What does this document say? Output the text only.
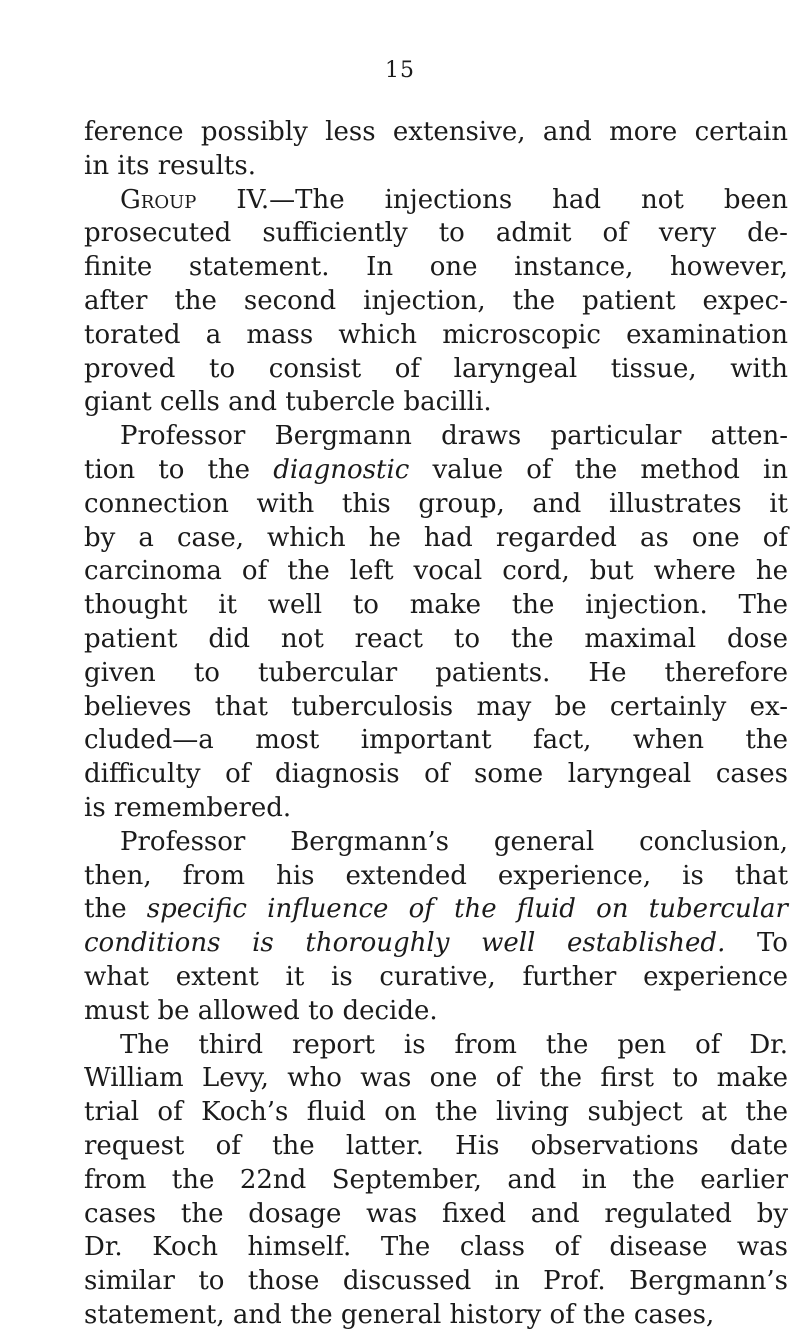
15
ference possibly less extensive, and more certain
in its results.
Group IV.—The injections had not been
prosecuted sufficiently to admit of very de-
finite statement. In one instance, however,
after the second injection, the patient expec-
torated a mass which microscopic examination
proved to consist of laryngeal tissue, with
giant cells and tubercle bacilli.
Professor Bergmann draws particular atten-
tion to the diagnostic value of the method in
connection with this group, and illustrates it
by a case, which he had regarded as one of
carcinoma of the left vocal cord, but where he
thought it well to make the injection. The
patient did not react to the maximal dose
given to tubercular patients. He therefore
believes that tuberculosis may be certainly ex-
cluded—a most important fact, when the
difficulty of diagnosis of some laryngeal cases
is remembered.
Professor Bergmann’s general conclusion,
then, from his extended experience, is that
the specific influence of the fluid on tubercular
conditions is thoroughly well established. To
what extent it is curative, further experience
must be allowed to decide.
The third report is from the pen of Dr.
William Levy, who was one of the first to make
trial of Koch’s fluid on the living subject at the
request of the latter. His observations date
from the 22nd September, and in the earlier
cases the dosage was fixed and regulated by
Dr. Koch himself. The class of disease was
similar to those discussed in Prof. Bergmann’s
statement, and the general history of the cases,
